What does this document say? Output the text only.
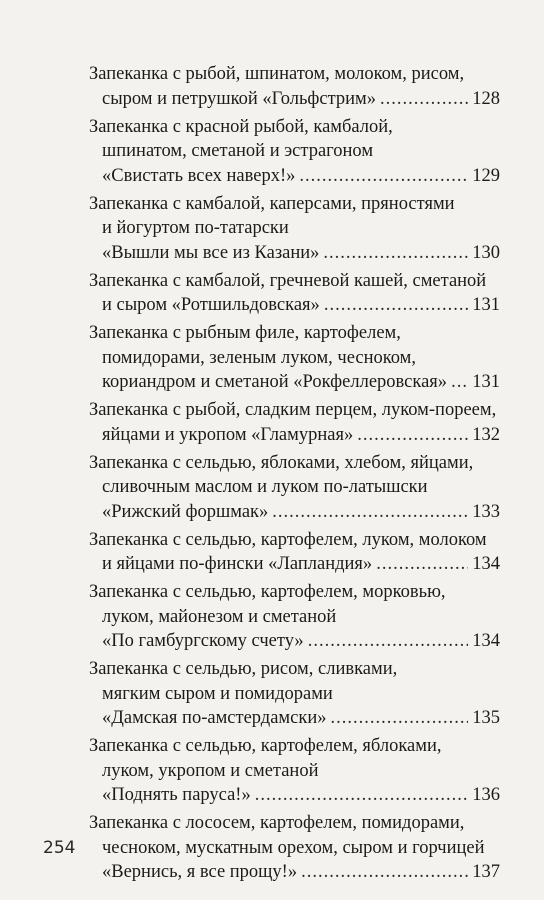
Запеканка с рыбой, шпинатом, молоком, рисом,
сыром и петрушкой «Гольфстрим» .....	128
Запеканка с красной рыбой, камбалой,
шпинатом, сметаной и эстрагоном
«Свистать всех наверх!» .....	129
Запеканка с камбалой, каперсами, пряностями
и йогуртом по-татарски
«Вышли мы все из Казани» .....	130
Запеканка с камбалой, гречневой кашей, сметаной
и сыром «Ротшильдовская» .....	131
Запеканка с рыбным филе, картофелем,
помидорами, зеленым луком, чесноком,
кориандром и сметаной «Рокфеллеровская» ..... 131
Запеканка с рыбой, сладким перцем, луком-пореем,
яйцами и укропом «Гламурная» .....	132
Запеканка с сельдью, яблоками, хлебом, яйцами,
сливочным маслом и луком по-латышски
«Рижский форшмак» .....	133
Запеканка с сельдью, картофелем, луком, молоком
и яйцами по-фински «Лапландия» .....	134
Запеканка с сельдью, картофелем, морковью,
луком, майонезом и сметаной
«По гамбургскому счету» .....	134
Запеканка с сельдью, рисом, сливками,
мягким сыром и помидорами
«Дамская по-амстердамски» .....	135
Запеканка с сельдью, картофелем, яблоками,
луком, укропом и сметаной
«Поднять паруса!» .....	136
Запеканка с лососем, картофелем, помидорами,
чесноком, мускатным орехом, сыром и горчицей
«Вернись, я все прощу!» .....	137
254
